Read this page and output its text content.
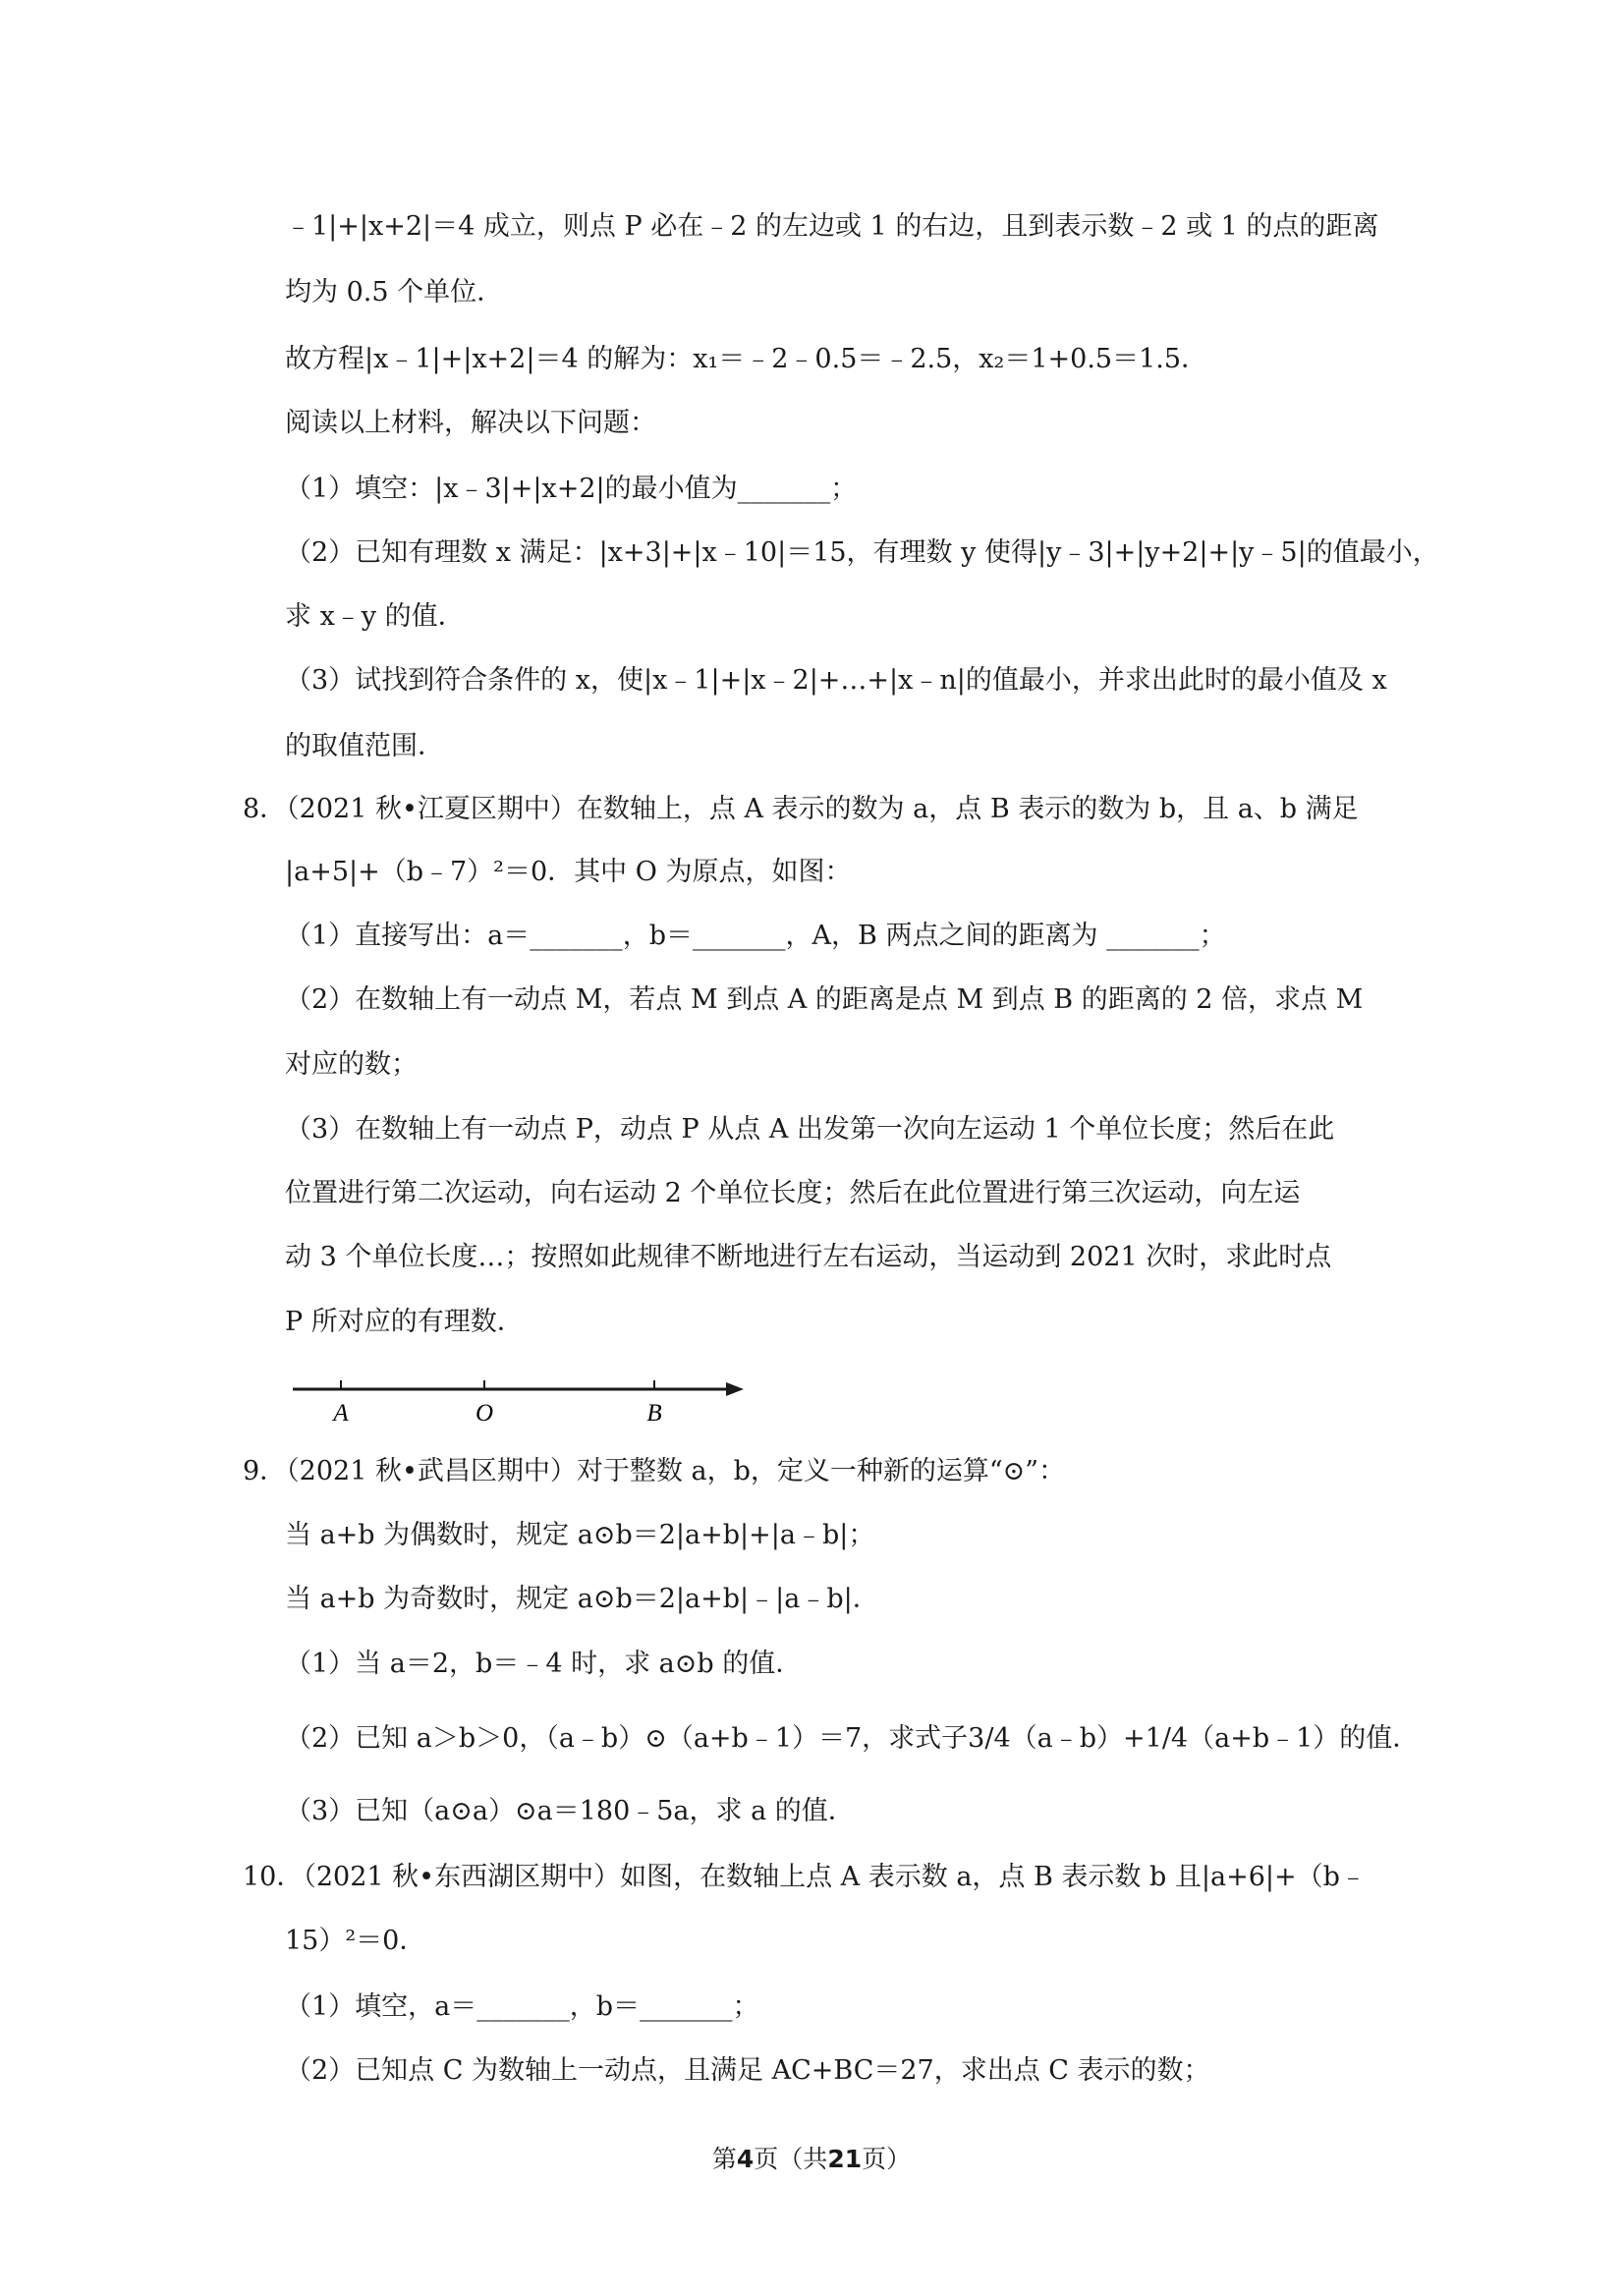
﹣1|+|x+2|＝4 成立，则点 P 必在﹣2 的左边或 1 的右边，且到表示数﹣2 或 1 的点的距离
均为 0.5 个单位．
故方程|x﹣1|+|x+2|＝4 的解为：x₁＝﹣2﹣0.5＝﹣2.5，x₂＝1+0.5＝1.5．
阅读以上材料，解决以下问题：
（1）填空：|x﹣3|+|x+2|的最小值为_______；
（2）已知有理数 x 满足：|x+3|+|x﹣10|＝15，有理数 y 使得|y﹣3|+|y+2|+|y﹣5|的值最小，
求 x﹣y 的值．
（3）试找到符合条件的 x，使|x﹣1|+|x﹣2|+…+|x﹣n|的值最小，并求出此时的最小值及 x
的取值范围．
8．（2021 秋•江夏区期中）在数轴上，点 A 表示的数为 a，点 B 表示的数为 b，且 a、b 满足
|a+5|+（b﹣7）²＝0．其中 O 为原点，如图：
（1）直接写出：a＝_______，b＝_______，A，B 两点之间的距离为 _______；
（2）在数轴上有一动点 M，若点 M 到点 A 的距离是点 M 到点 B 的距离的 2 倍，求点 M
对应的数；
（3）在数轴上有一动点 P，动点 P 从点 A 出发第一次向左运动 1 个单位长度；然后在此
位置进行第二次运动，向右运动 2 个单位长度；然后在此位置进行第三次运动，向左运
动 3 个单位长度…；按照如此规律不断地进行左右运动，当运动到 2021 次时，求此时点
P 所对应的有理数．
A	O	B
9．（2021 秋•武昌区期中）对于整数 a，b，定义一种新的运算“⊙”：
当 a+b 为偶数时，规定 a⊙b＝2|a+b|+|a﹣b|；
当 a+b 为奇数时，规定 a⊙b＝2|a+b|﹣|a﹣b|．
（1）当 a＝2，b＝﹣4 时，求 a⊙b 的值．
（2）已知 a＞b＞0，（a﹣b）⊙（a+b﹣1）＝7，求式子3/4（a﹣b）+1/4（a+b﹣1）的值．
（3）已知（a⊙a）⊙a＝180﹣5a，求 a 的值．
10．（2021 秋•东西湖区期中）如图，在数轴上点 A 表示数 a，点 B 表示数 b 且|a+6|+（b﹣
15）²＝0．
（1）填空，a＝_______，b＝_______；
（2）已知点 C 为数轴上一动点，且满足 AC+BC＝27，求出点 C 表示的数；
第4页（共21页）
